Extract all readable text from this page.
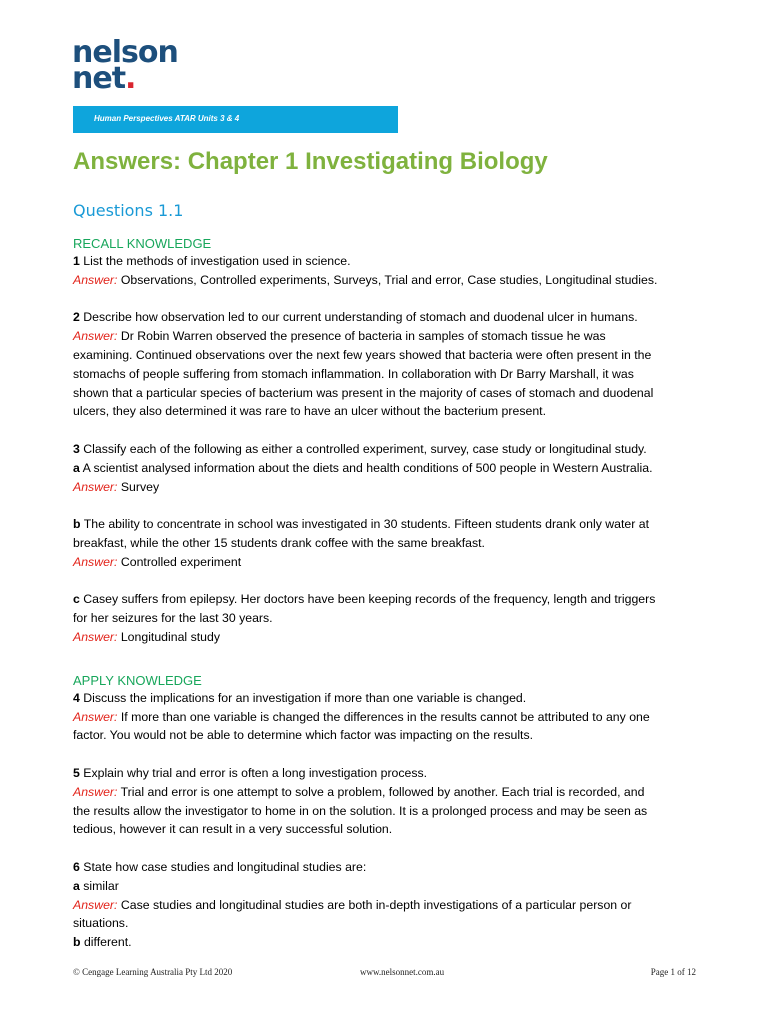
nelson
net.
Human Perspectives ATAR Units 3 & 4
Answers: Chapter 1 Investigating Biology
Questions 1.1
RECALL KNOWLEDGE
1 List the methods of investigation used in science.
Answer: Observations, Controlled experiments, Surveys, Trial and error, Case studies, Longitudinal studies.
2 Describe how observation led to our current understanding of stomach and duodenal ulcer in humans.
Answer: Dr Robin Warren observed the presence of bacteria in samples of stomach tissue he was
examining. Continued observations over the next few years showed that bacteria were often present in the
stomachs of people suffering from stomach inflammation. In collaboration with Dr Barry Marshall, it was
shown that a particular species of bacterium was present in the majority of cases of stomach and duodenal
ulcers, they also determined it was rare to have an ulcer without the bacterium present.
3 Classify each of the following as either a controlled experiment, survey, case study or longitudinal study.
a A scientist analysed information about the diets and health conditions of 500 people in Western Australia.
Answer: Survey
b The ability to concentrate in school was investigated in 30 students. Fifteen students drank only water at
breakfast, while the other 15 students drank coffee with the same breakfast.
Answer: Controlled experiment
c Casey suffers from epilepsy. Her doctors have been keeping records of the frequency, length and triggers
for her seizures for the last 30 years.
Answer: Longitudinal study
APPLY KNOWLEDGE
4 Discuss the implications for an investigation if more than one variable is changed.
Answer: If more than one variable is changed the differences in the results cannot be attributed to any one
factor. You would not be able to determine which factor was impacting on the results.
5 Explain why trial and error is often a long investigation process.
Answer: Trial and error is one attempt to solve a problem, followed by another. Each trial is recorded, and
the results allow the investigator to home in on the solution. It is a prolonged process and may be seen as
tedious, however it can result in a very successful solution.
6 State how case studies and longitudinal studies are:
a similar
Answer: Case studies and longitudinal studies are both in-depth investigations of a particular person or
situations.
b different.
© Cengage Learning Australia Pty Ltd 2020	www.nelsonnet.com.au	Page 1 of 12
